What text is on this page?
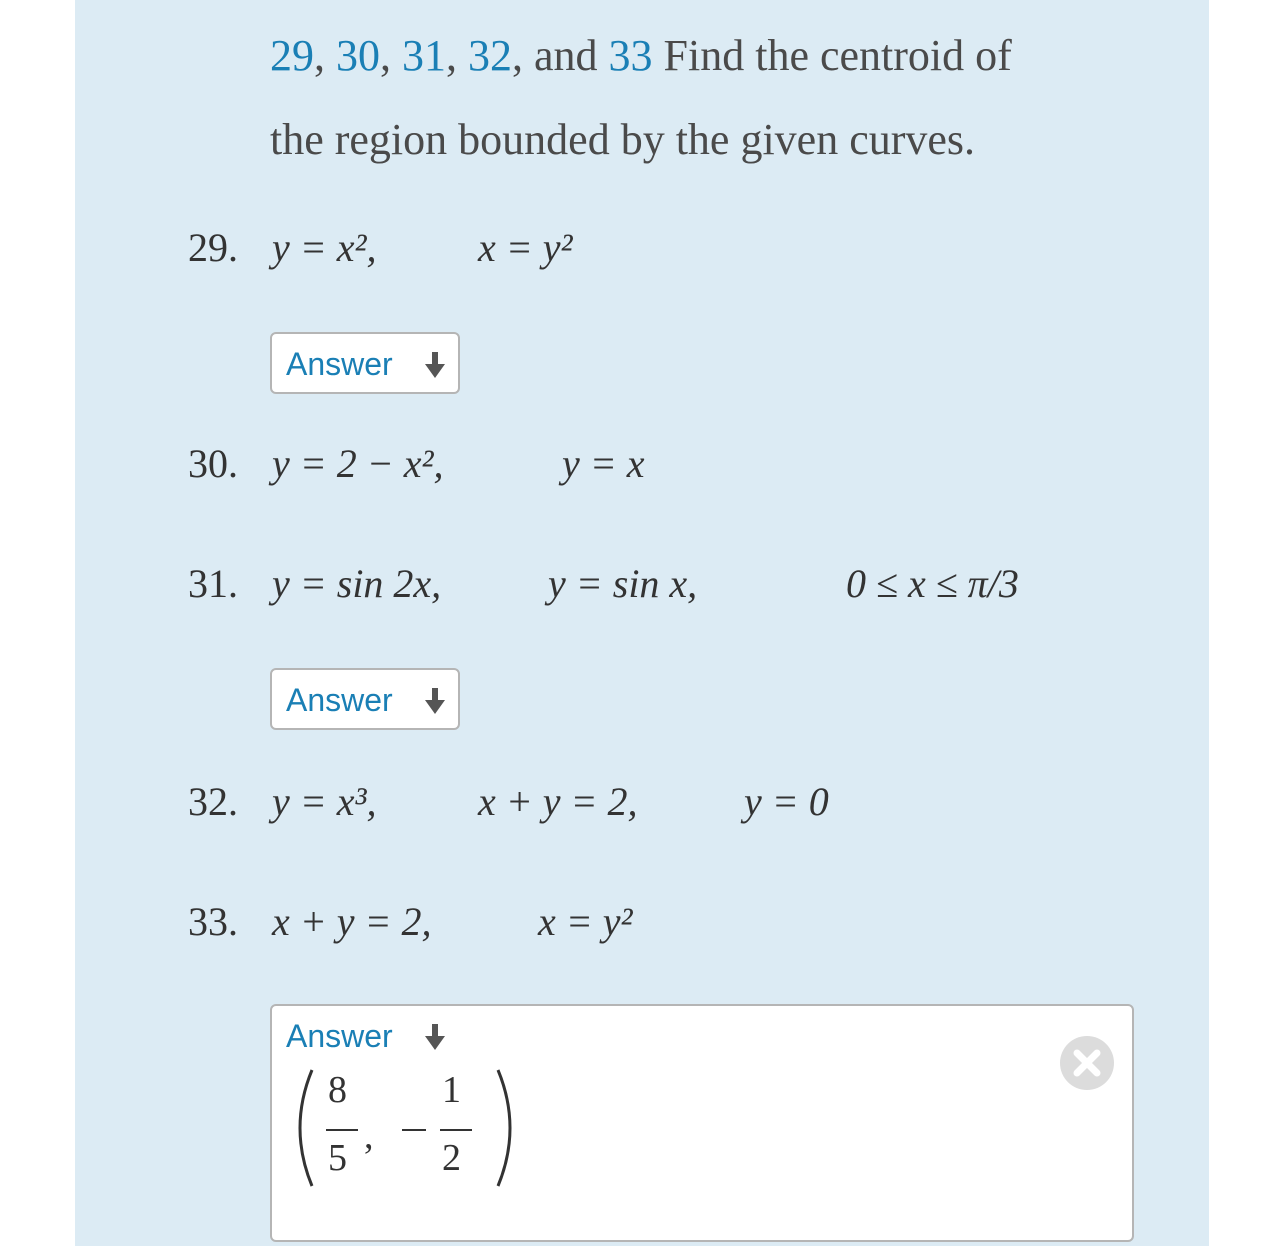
29, 30, 31, 32, and 33 Find the centroid of
the region bounded by the given curves.
29. y = x²,	x = y²
Answer
30. y = 2 − x²,	y = x
31. y = sin 2x,	y = sin x,	0 ≤ x ≤ π/3
Answer
32. y = x³,	x + y = 2,	y = 0
33. x + y = 2,	x = y²
Answer
8
5
,
1
2
